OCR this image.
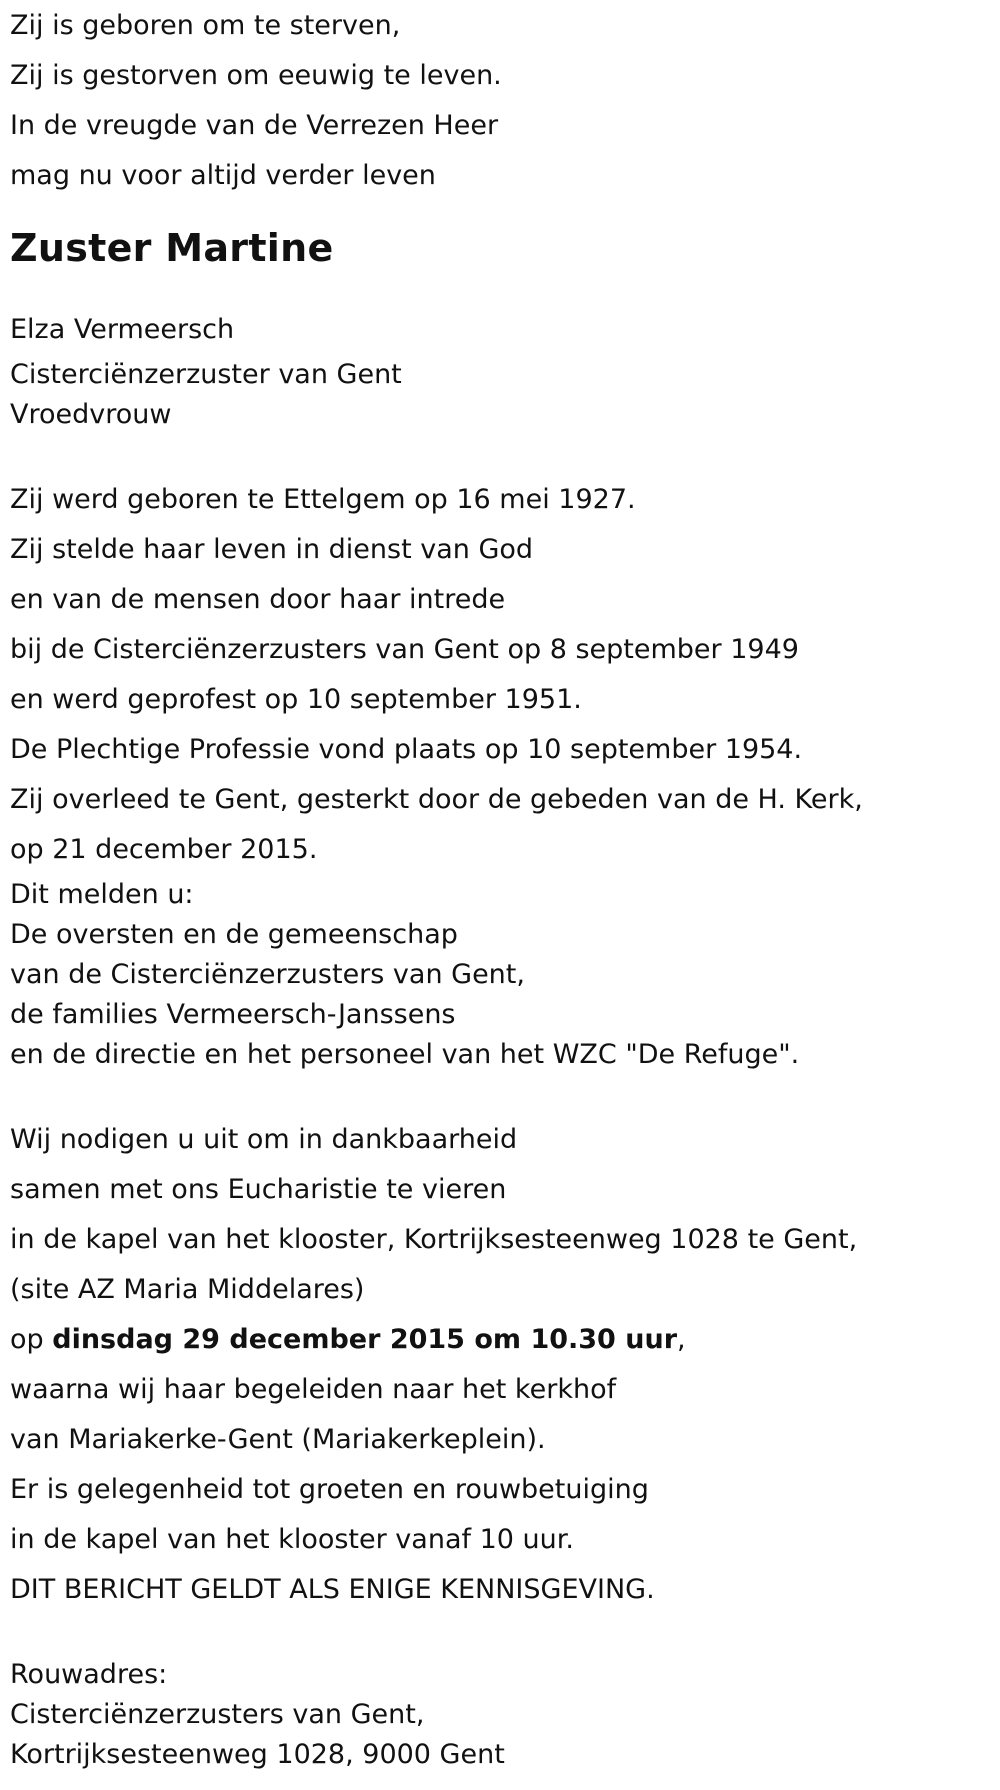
Zij is geboren om te sterven,
Zij is gestorven om eeuwig te leven.
In de vreugde van de Verrezen Heer
mag nu voor altijd verder leven
Zuster Martine
Elza Vermeersch
Cisterciënzerzuster van Gent
Vroedvrouw
Zij werd geboren te Ettelgem op 16 mei 1927.
Zij stelde haar leven in dienst van God
en van de mensen door haar intrede
bij de Cisterciënzerzusters van Gent op 8 september 1949
en werd geprofest op 10 september 1951.
De Plechtige Professie vond plaats op 10 september 1954.
Zij overleed te Gent, gesterkt door de gebeden van de H. Kerk,
op 21 december 2015.
Dit melden u:
De oversten en de gemeenschap
van de Cisterciënzerzusters van Gent,
de families Vermeersch-Janssens
en de directie en het personeel van het WZC "De Refuge".
Wij nodigen u uit om in dankbaarheid
samen met ons Eucharistie te vieren
in de kapel van het klooster, Kortrijksesteenweg 1028 te Gent,
(site AZ Maria Middelares)
op dinsdag 29 december 2015 om 10.30 uur,
waarna wij haar begeleiden naar het kerkhof
van Mariakerke-Gent (Mariakerkeplein).
Er is gelegenheid tot groeten en rouwbetuiging
in de kapel van het klooster vanaf 10 uur.
DIT BERICHT GELDT ALS ENIGE KENNISGEVING.
Rouwadres:
Cisterciënzerzusters van Gent,
Kortrijksesteenweg 1028, 9000 Gent
